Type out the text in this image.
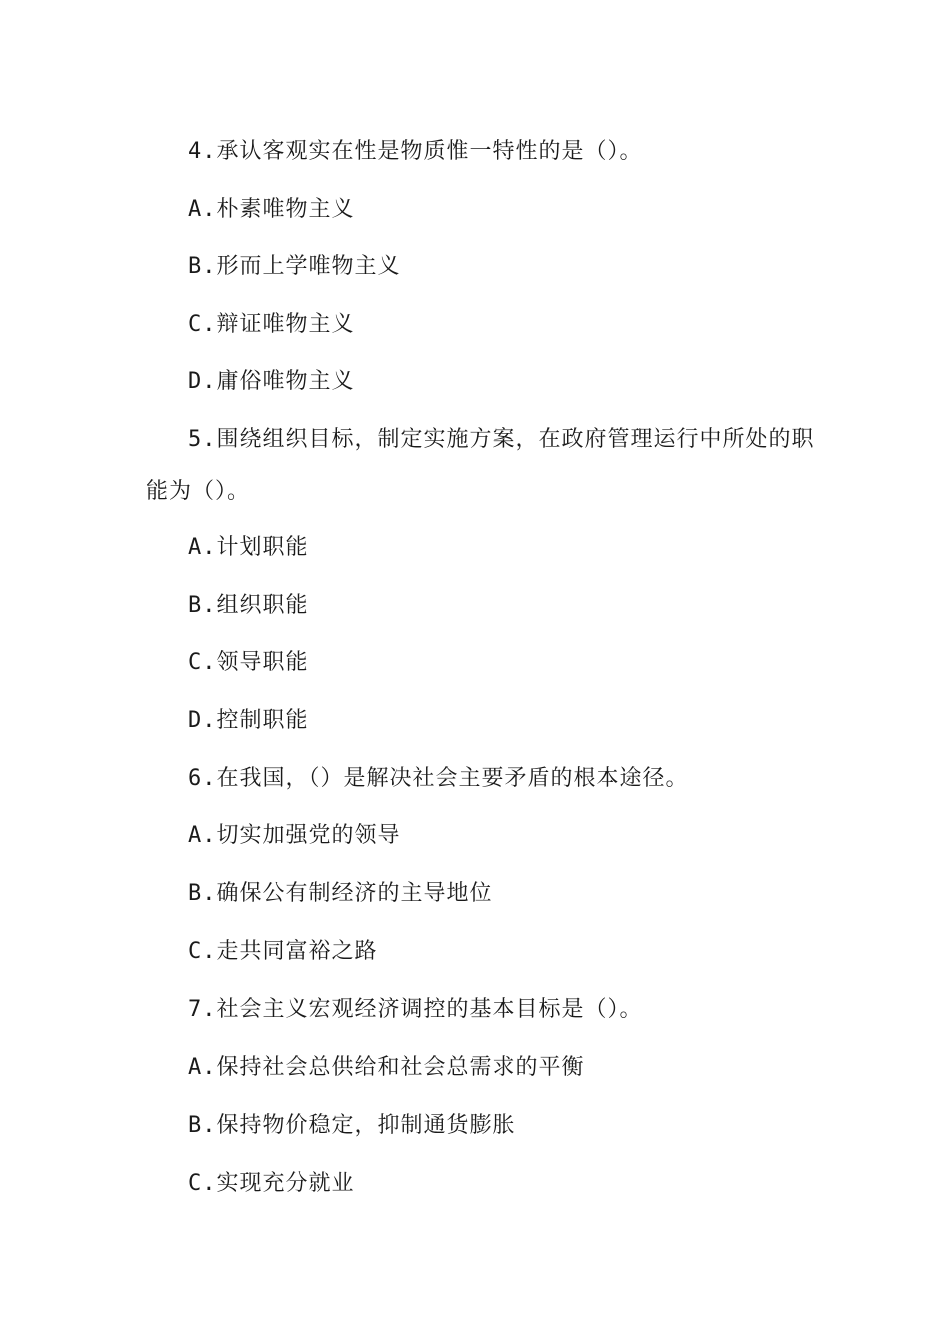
4.承认客观实在性是物质惟一特性的是（）。
A.朴素唯物主义
B.形而上学唯物主义
C.辩证唯物主义
D.庸俗唯物主义
5.围绕组织目标，制定实施方案，在政府管理运行中所处的职
能为（）。
A.计划职能
B.组织职能
C.领导职能
D.控制职能
6.在我国，（）是解决社会主要矛盾的根本途径。
A.切实加强党的领导
B.确保公有制经济的主导地位
C.走共同富裕之路
7.社会主义宏观经济调控的基本目标是（）。
A.保持社会总供给和社会总需求的平衡
B.保持物价稳定，抑制通货膨胀
C.实现充分就业
